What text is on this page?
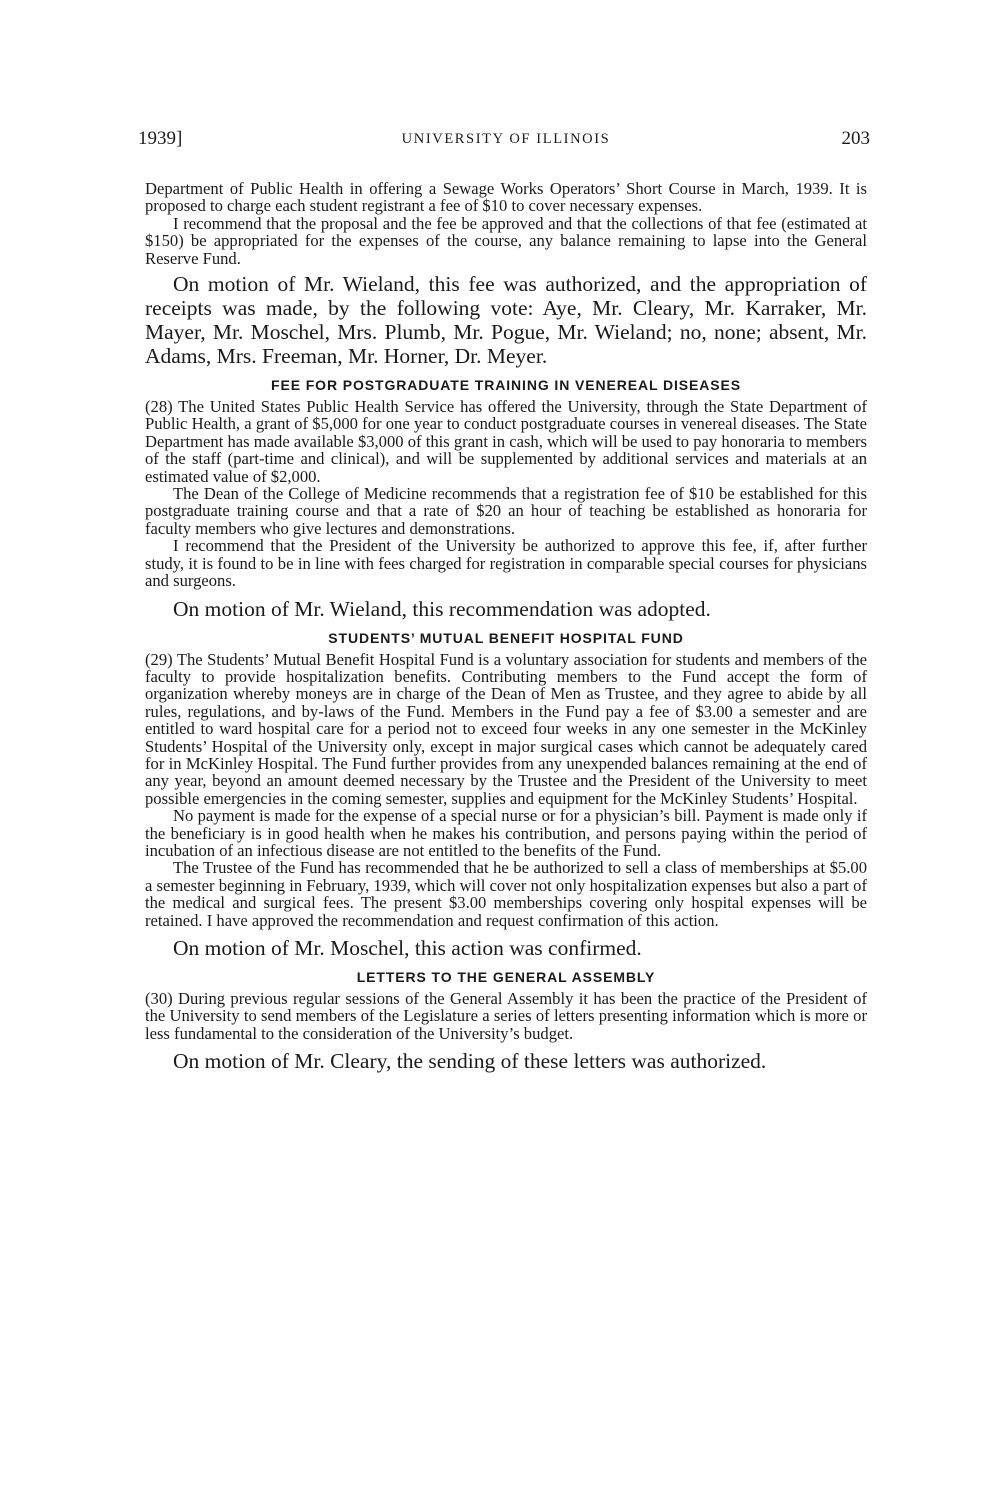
1939]	UNIVERSITY OF ILLINOIS	203

Department of Public Health in offering a Sewage Works Operators’ Short Course in March, 1939. It is proposed to charge each student registrant a fee of $10 to cover necessary expenses.

I recommend that the proposal and the fee be approved and that the collections of that fee (estimated at $150) be appropriated for the expenses of the course, any balance remaining to lapse into the General Reserve Fund.

On motion of Mr. Wieland, this fee was authorized, and the appropriation of receipts was made, by the following vote: Aye, Mr. Cleary, Mr. Karraker, Mr. Mayer, Mr. Moschel, Mrs. Plumb, Mr. Pogue, Mr. Wieland; no, none; absent, Mr. Adams, Mrs. Freeman, Mr. Horner, Dr. Meyer.

FEE FOR POSTGRADUATE TRAINING IN VENEREAL DISEASES

(28) The United States Public Health Service has offered the University, through the State Department of Public Health, a grant of $5,000 for one year to conduct postgraduate courses in venereal diseases. The State Department has made available $3,000 of this grant in cash, which will be used to pay honoraria to members of the staff (part-time and clinical), and will be supplemented by additional services and materials at an estimated value of $2,000.

The Dean of the College of Medicine recommends that a registration fee of $10 be established for this postgraduate training course and that a rate of $20 an hour of teaching be established as honoraria for faculty members who give lectures and demonstrations.

I recommend that the President of the University be authorized to approve this fee, if, after further study, it is found to be in line with fees charged for registration in comparable special courses for physicians and surgeons.

On motion of Mr. Wieland, this recommendation was adopted.

STUDENTS’ MUTUAL BENEFIT HOSPITAL FUND

(29) The Students’ Mutual Benefit Hospital Fund is a voluntary association for students and members of the faculty to provide hospitalization benefits. Contributing members to the Fund accept the form of organization whereby moneys are in charge of the Dean of Men as Trustee, and they agree to abide by all rules, regulations, and by-laws of the Fund. Members in the Fund pay a fee of $3.00 a semester and are entitled to ward hospital care for a period not to exceed four weeks in any one semester in the McKinley Students’ Hospital of the University only, except in major surgical cases which cannot be adequately cared for in McKinley Hospital. The Fund further provides from any unexpended balances remaining at the end of any year, beyond an amount deemed necessary by the Trustee and the President of the University to meet possible emergencies in the coming semester, supplies and equipment for the McKinley Students’ Hospital.

No payment is made for the expense of a special nurse or for a physician’s bill. Payment is made only if the beneficiary is in good health when he makes his contribution, and persons paying within the period of incubation of an infectious disease are not entitled to the benefits of the Fund.

The Trustee of the Fund has recommended that he be authorized to sell a class of memberships at $5.00 a semester beginning in February, 1939, which will cover not only hospitalization expenses but also a part of the medical and surgical fees. The present $3.00 memberships covering only hospital expenses will be retained. I have approved the recommendation and request confirmation of this action.

On motion of Mr. Moschel, this action was confirmed.

LETTERS TO THE GENERAL ASSEMBLY

(30) During previous regular sessions of the General Assembly it has been the practice of the President of the University to send members of the Legislature a series of letters presenting information which is more or less fundamental to the consideration of the University’s budget.

On motion of Mr. Cleary, the sending of these letters was authorized.
